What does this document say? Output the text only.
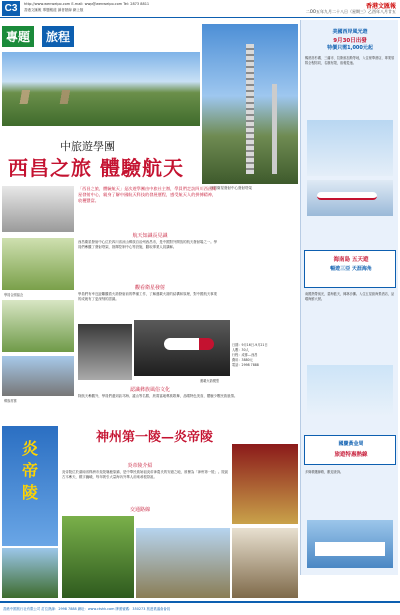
C3	http://www.wenweipo.com E-mail: wwp@wenweipo.com Tel: 2873 8811
香港文匯報 專題報道 讀者熱線 網上版	香港文匯報
二OO五年九月二十八日（星期三）乙酉年八月廿五
專題	旅程
西昌衛星發射中心發射塔架
中旅遊學團
西昌之旅 體驗航天
學員合照留念
彝族村寨
「西昌之旅，體驗航天」是次遊學團由中旅社主辦，學員們走訪四川西昌衛星發射中心，親身了解中國航天科技的發展歷程，感受航天人的拼搏精神，收穫豐富。
航天知識長見識
西昌衛星發射中心位於四川省涼山彝族自治州西昌市，是中國對外開放的航天發射場之一。學員們參觀了發射塔架、指揮控制中心等設施，聽取專業人員講解。
觀看衛星發射
學員們有幸近距離觀看火箭發射前的準備工作，了解運載火箭的結構和原理，對中國航天事業的成就有了更深刻的認識。
運載火箭模型
日期：9月16日-9月21日
人數：30人
行程：成都—西昌
費用：3880元
電話：2998 7888
認識彝族風俗文化
除航天參觀外，學員們還到訪邛海、瀘山等名勝，欣賞當地彝族歌舞，品嚐特色美食，體驗少數民族風情。
美國西岸風光遊
9月30日出發
特價只需1,000元起
暢遊洛杉磯、三藩市、拉斯維加斯等地，入住豪華酒店，專業領隊全程陪同，名額有限，欲報從速。
海南島 五天遊
暢遊三亞 天涯海角
南國熱帶風光，碧海藍天，椰林沙灘。入住五星級海景酒店，品嚐海鮮大餐。
國慶黃金周
旅遊特惠熱線
多條精選線路，歡迎查詢。
炎帝陵
神州第一陵—炎帝陵
炎帝陵介紹
炎帝陵位於湖南省株洲市炎陵縣鹿原鎮，是中華民族始祖炎帝神農氏的安寢之地，被譽為「神州第一陵」。陵區古木參天，殿宇巍峨，每年吸引大量海內外華人前來尋根祭祖。
交通路線
香港中國旅行社有限公司 訂位熱線：2998 7888 網址：www.ctshk.com 牌照號碼：350273 旅遊業議會會員
